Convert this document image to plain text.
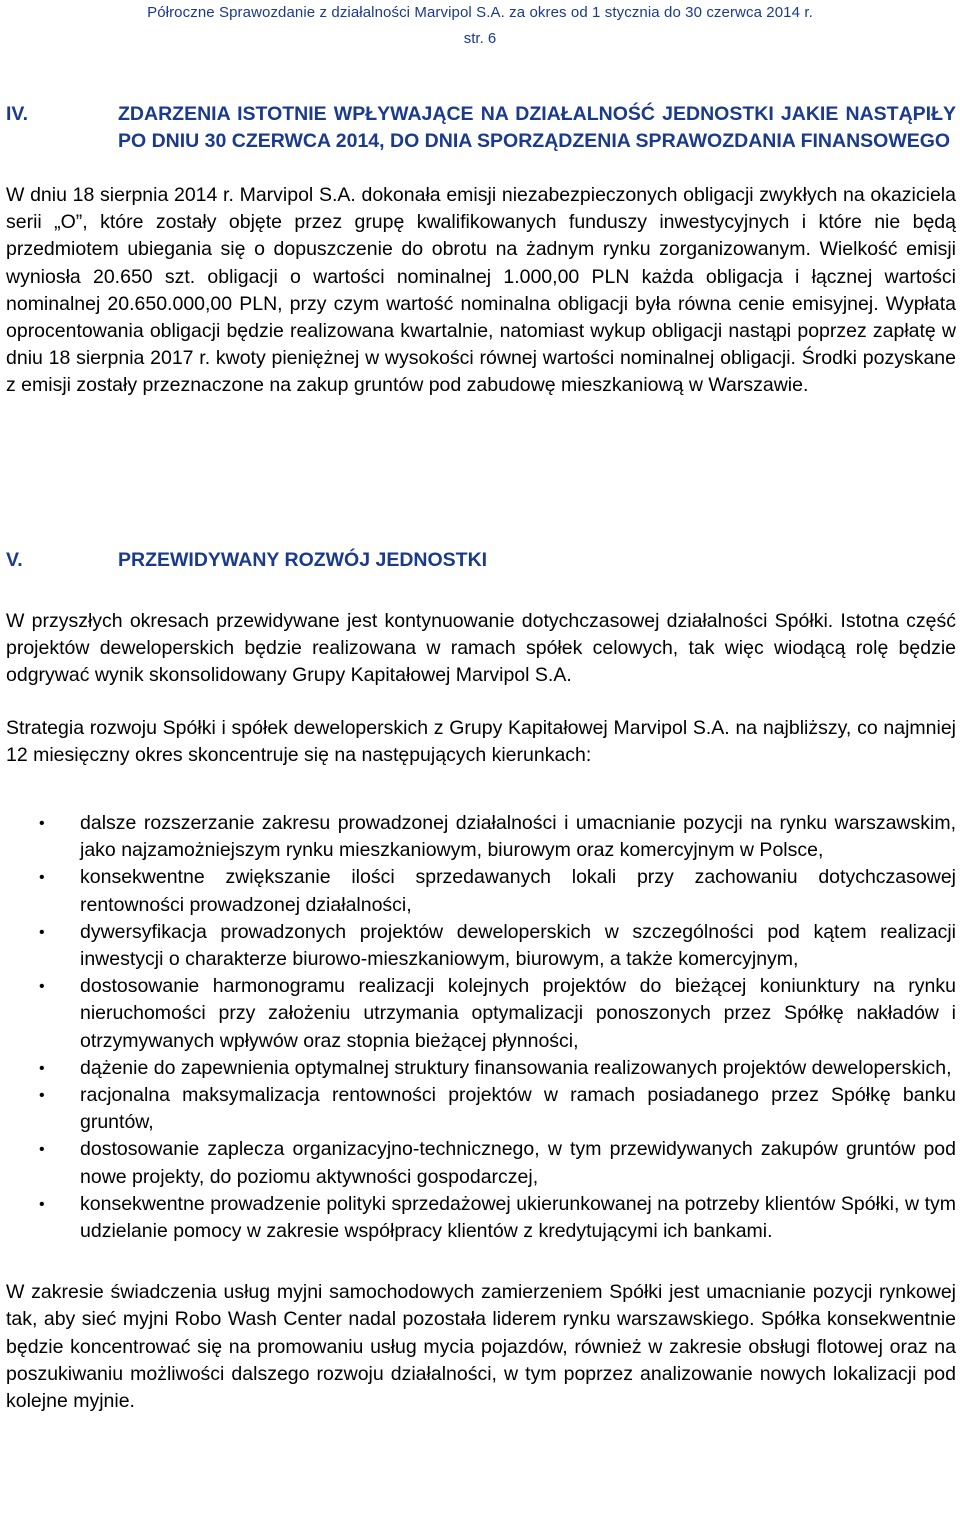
Półroczne Sprawozdanie z działalności Marvipol S.A. za okres od 1 stycznia do 30 czerwca 2014 r.
str. 6
IV.	ZDARZENIA ISTOTNIE WPŁYWAJĄCE NA DZIAŁALNOŚĆ JEDNOSTKI JAKIE NASTĄPIŁY PO DNIU 30 CZERWCA 2014, DO DNIA SPORZĄDZENIA SPRAWOZDANIA FINANSOWEGO

W dniu 18 sierpnia 2014 r. Marvipol S.A. dokonała emisji niezabezpieczonych obligacji zwykłych na okaziciela serii „O”, które zostały objęte przez grupę kwalifikowanych funduszy inwestycyjnych i które nie będą przedmiotem ubiegania się o dopuszczenie do obrotu na żadnym rynku zorganizowanym. Wielkość emisji wyniosła 20.650 szt. obligacji o wartości nominalnej 1.000,00 PLN każda obligacja i łącznej wartości nominalnej 20.650.000,00 PLN, przy czym wartość nominalna obligacji była równa cenie emisyjnej. Wypłata oprocentowania obligacji będzie realizowana kwartalnie, natomiast wykup obligacji nastąpi poprzez zapłatę w dniu 18 sierpnia 2017 r. kwoty pieniężnej w wysokości równej wartości nominalnej obligacji. Środki pozyskane z emisji zostały przeznaczone na zakup gruntów pod zabudowę mieszkaniową w Warszawie.

V.	PRZEWIDYWANY ROZWÓJ JEDNOSTKI

W przyszłych okresach przewidywane jest kontynuowanie dotychczasowej działalności Spółki. Istotna część projektów deweloperskich będzie realizowana w ramach spółek celowych, tak więc wiodącą rolę będzie odgrywać wynik skonsolidowany Grupy Kapitałowej Marvipol S.A.

Strategia rozwoju Spółki i spółek deweloperskich z Grupy Kapitałowej Marvipol S.A. na najbliższy, co najmniej 12 miesięczny okres skoncentruje się na następujących kierunkach:

•	dalsze rozszerzanie zakresu prowadzonej działalności i umacnianie pozycji na rynku warszawskim, jako najzamożniejszym rynku mieszkaniowym, biurowym oraz komercyjnym w Polsce,
•	konsekwentne zwiększanie ilości sprzedawanych lokali przy zachowaniu dotychczasowej rentowności prowadzonej działalności,
•	dywersyfikacja prowadzonych projektów deweloperskich w szczególności pod kątem realizacji inwestycji o charakterze biurowo-mieszkaniowym, biurowym, a także komercyjnym,
•	dostosowanie harmonogramu realizacji kolejnych projektów do bieżącej koniunktury na rynku nieruchomości przy założeniu utrzymania optymalizacji ponoszonych przez Spółkę nakładów i otrzymywanych wpływów oraz stopnia bieżącej płynności,
•	dążenie do zapewnienia optymalnej struktury finansowania realizowanych projektów deweloperskich,
•	racjonalna maksymalizacja rentowności projektów w ramach posiadanego przez Spółkę banku gruntów,
•	dostosowanie zaplecza organizacyjno-technicznego, w tym przewidywanych zakupów gruntów pod nowe projekty, do poziomu aktywności gospodarczej,
•	konsekwentne prowadzenie polityki sprzedażowej ukierunkowanej na potrzeby klientów Spółki, w tym udzielanie pomocy w zakresie współpracy klientów z kredytującymi ich bankami.

W zakresie świadczenia usług myjni samochodowych zamierzeniem Spółki jest umacnianie pozycji rynkowej tak, aby sieć myjni Robo Wash Center nadal pozostała liderem rynku warszawskiego. Spółka konsekwentnie będzie koncentrować się na promowaniu usług mycia pojazdów, również w zakresie obsługi flotowej oraz na poszukiwaniu możliwości dalszego rozwoju działalności, w tym poprzez analizowanie nowych lokalizacji pod kolejne myjnie.
